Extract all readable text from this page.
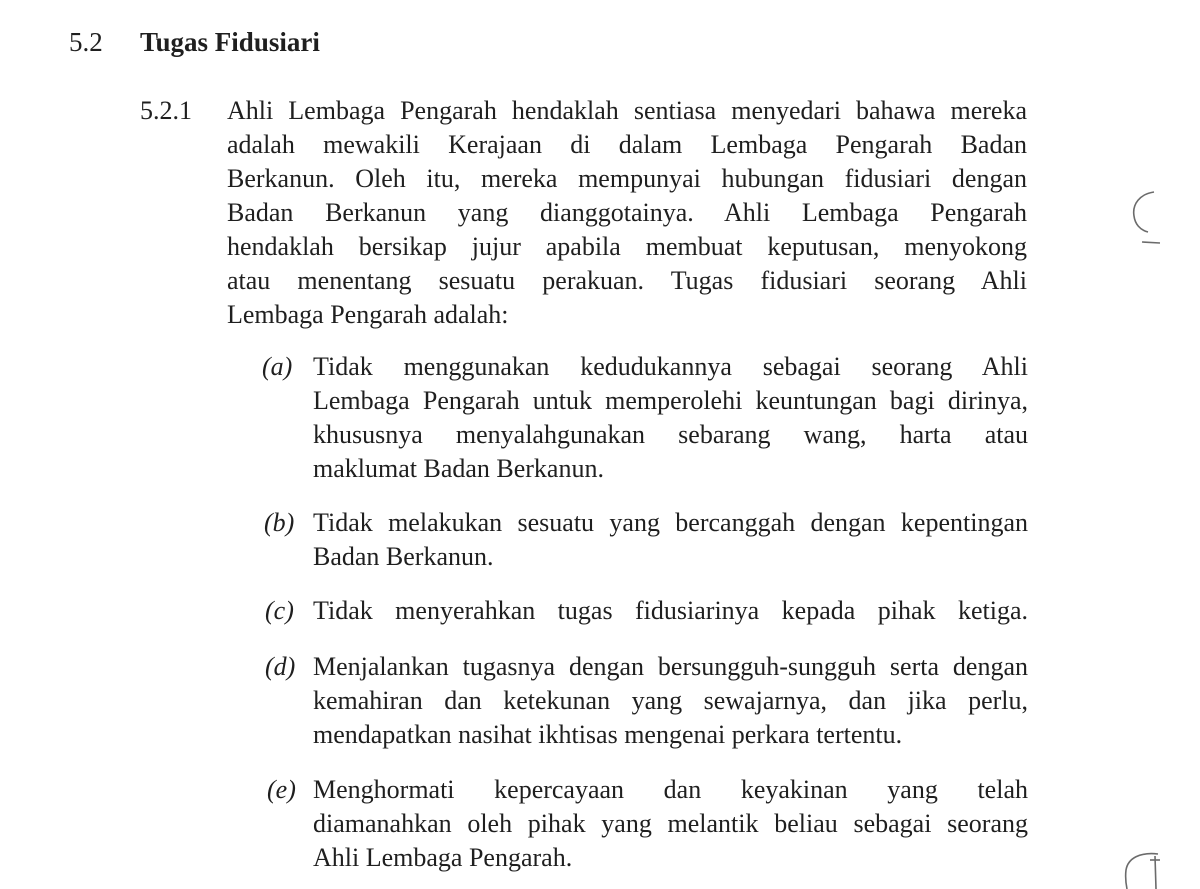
5.2 Tugas Fidusiari
5.2.1 Ahli Lembaga Pengarah hendaklah sentiasa menyedari bahawa mereka
adalah mewakili Kerajaan di dalam Lembaga Pengarah Badan
Berkanun. Oleh itu, mereka mempunyai hubungan fidusiari dengan
Badan Berkanun yang dianggotainya. Ahli Lembaga Pengarah
hendaklah bersikap jujur apabila membuat keputusan, menyokong
atau menentang sesuatu perakuan. Tugas fidusiari seorang Ahli
Lembaga Pengarah adalah:
(a) Tidak menggunakan kedudukannya sebagai seorang Ahli
Lembaga Pengarah untuk memperolehi keuntungan bagi dirinya,
khususnya menyalahgunakan sebarang wang, harta atau
maklumat Badan Berkanun.
(b) Tidak melakukan sesuatu yang bercanggah dengan kepentingan
Badan Berkanun.
(c) Tidak menyerahkan tugas fidusiarinya kepada pihak ketiga.
(d) Menjalankan tugasnya dengan bersungguh-sungguh serta dengan
kemahiran dan ketekunan yang sewajarnya, dan jika perlu,
mendapatkan nasihat ikhtisas mengenai perkara tertentu.
(e) Menghormati kepercayaan dan keyakinan yang telah
diamanahkan oleh pihak yang melantik beliau sebagai seorang
Ahli Lembaga Pengarah.
